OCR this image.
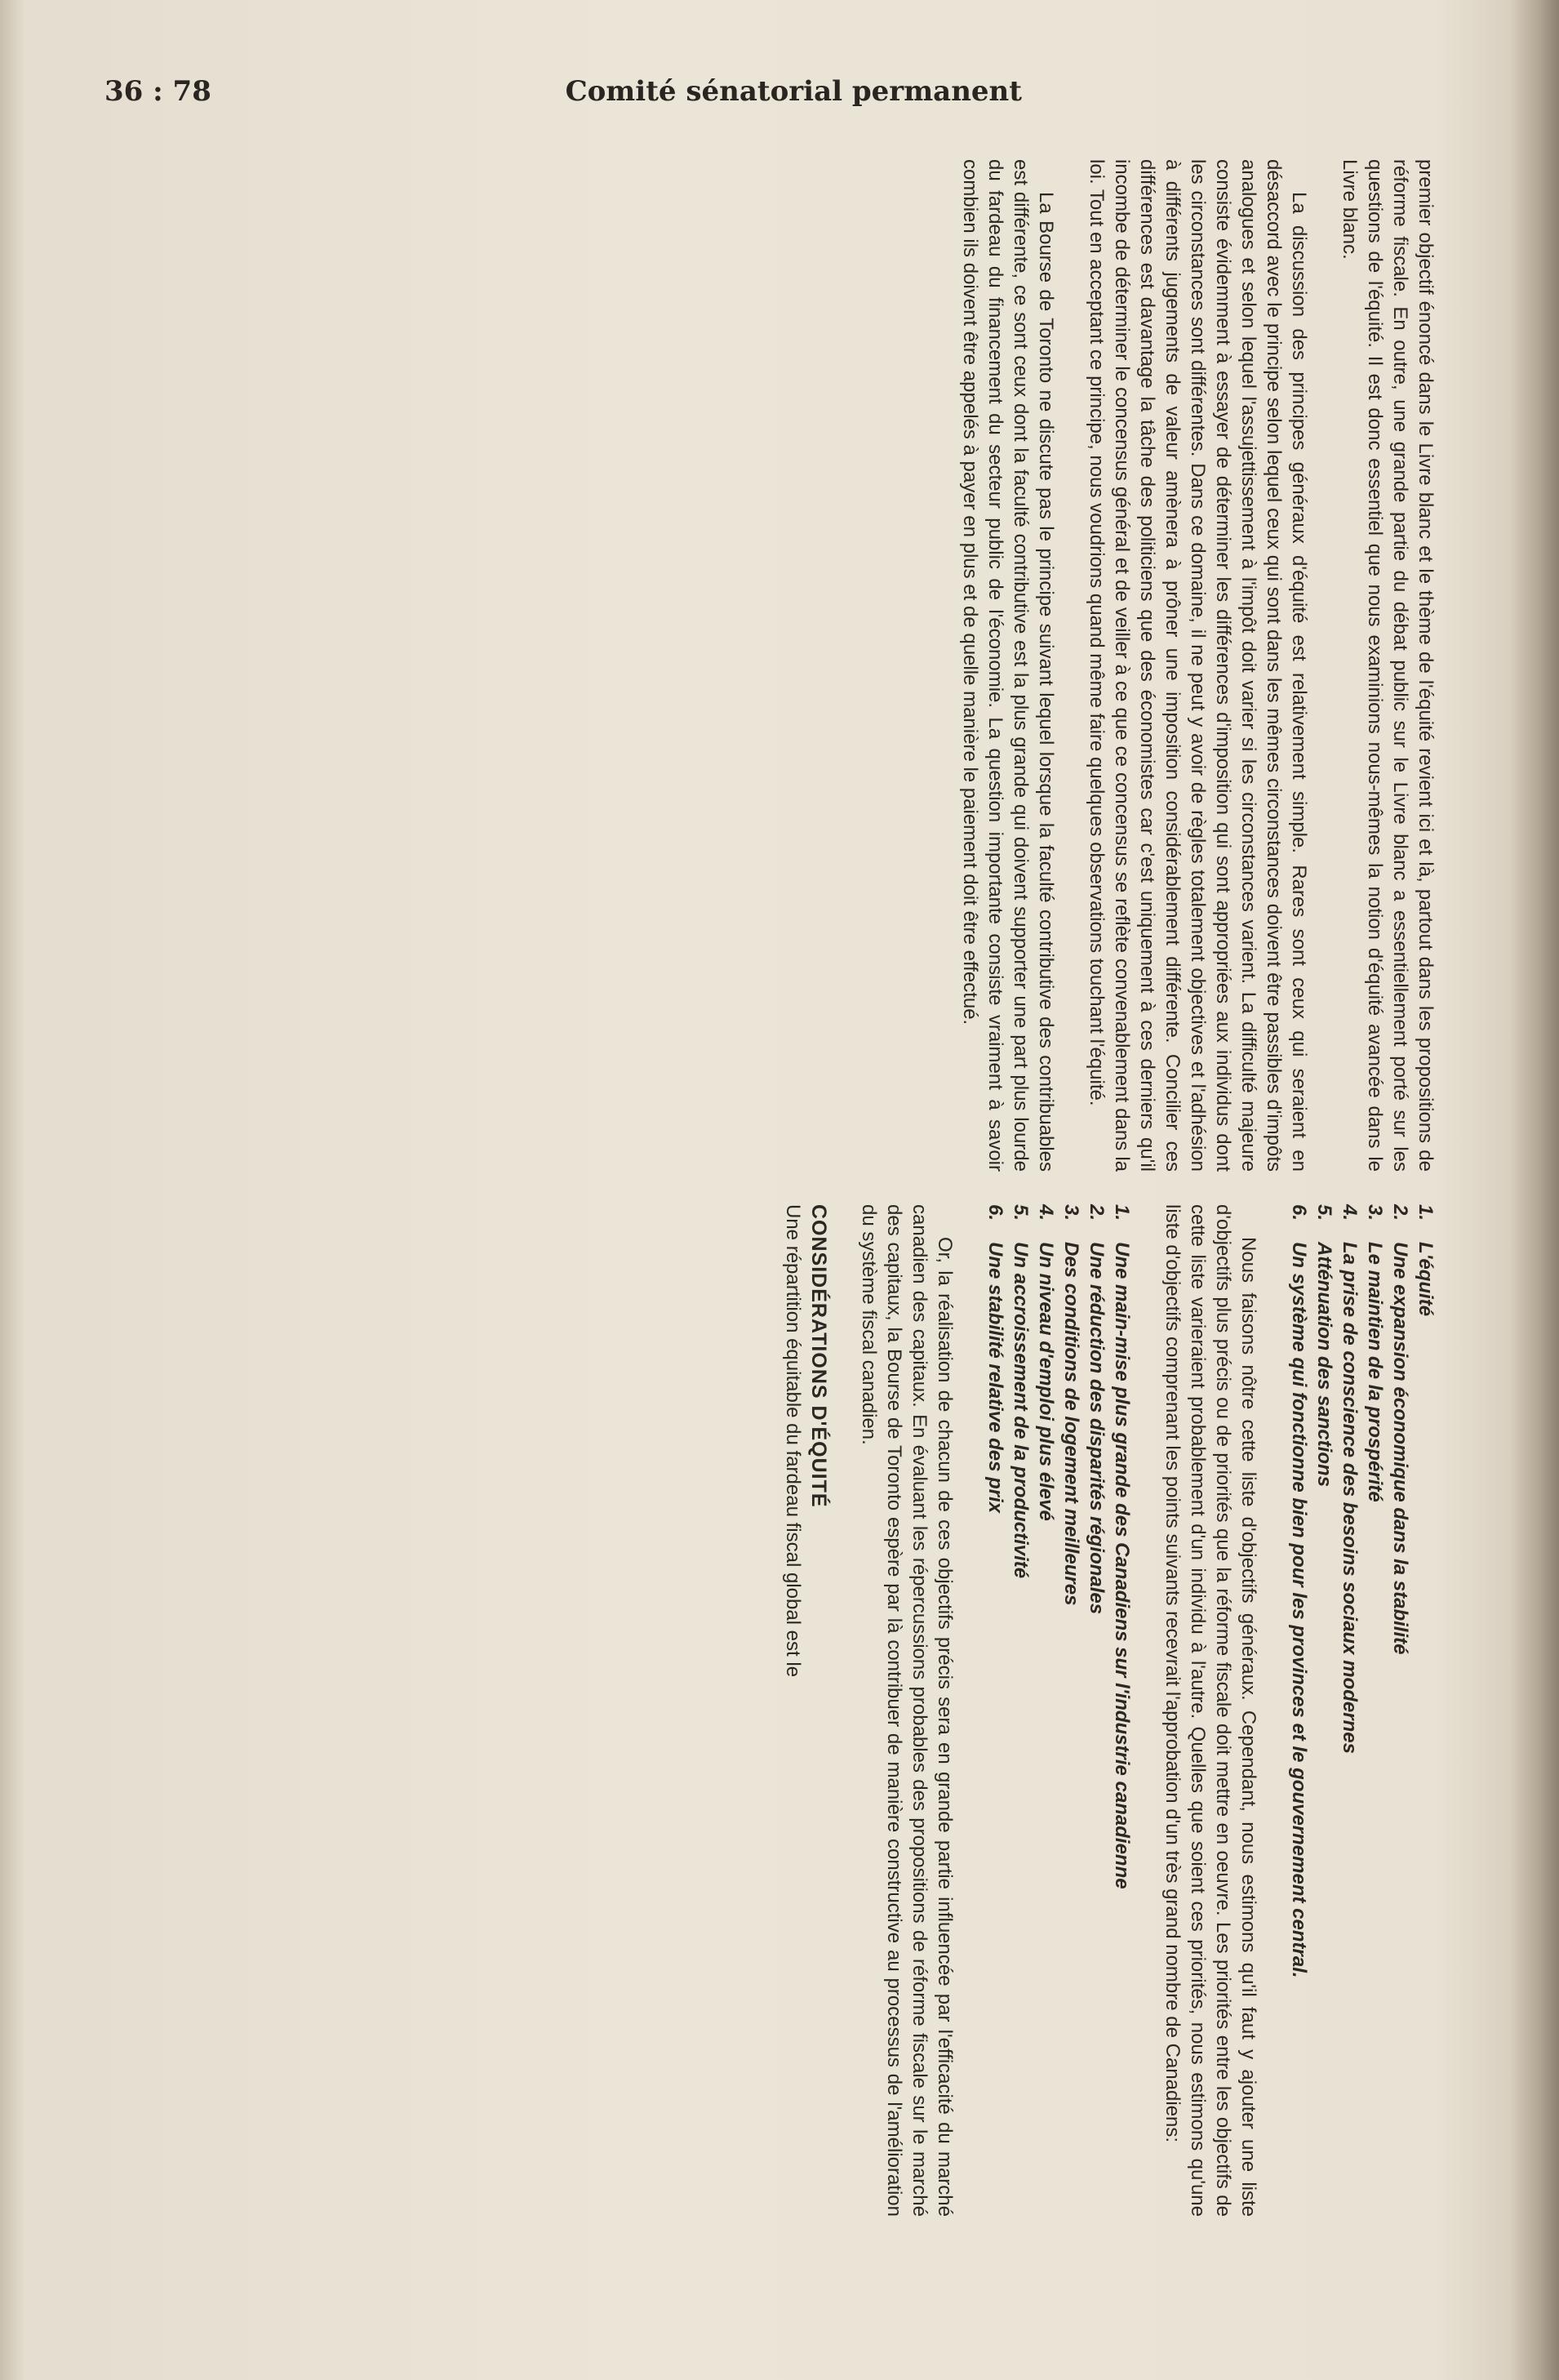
36 : 78	Comité sénatorial permanent
1.L'équité
2.Une expansion économique dans la stabilité
3.Le maintien de la prospérité
4.La prise de conscience des besoins sociaux modernes
5.Atténuation des sanctions
6.Un système qui fonctionne bien pour les provinces et le gouvernement central.

Nous faisons nôtre cette liste d'objectifs généraux. Cependant, nous estimons qu'il faut y ajouter une liste d'objectifs plus précis ou de priorités que la réforme fiscale doit mettre en oeuvre. Les priorités entre les objectifs de cette liste varieraient probablement d'un individu à l'autre. Quelles que soient ces priorités, nous estimons qu'une liste d'objectifs comprenant les points suivants recevrait l'approbation d'un très grand nombre de Canadiens:

1.Une main-mise plus grande des Canadiens sur l'industrie canadienne
2.Une réduction des disparités régionales
3.Des conditions de logement meilleures
4.Un niveau d'emploi plus élevé
5.Un accroissement de la productivité
6.Une stabilité relative des prix

Or, la réalisation de chacun de ces objectifs précis sera en grande partie influencée par l'efficacité du marché canadien des capitaux. En évaluant les répercussions probables des propositions de réforme fiscale sur le marché des capitaux, la Bourse de Toronto espère par là contribuer de manière constructive au processus de l'amélioration du système fiscal canadien.

CONSIDÉRATIONS D'ÉQUITÉ

Une répartition équitable du fardeau fiscal global est le

premier objectif énoncé dans le Livre blanc et le thème de l'équité revient ici et là, partout dans les propositions de réforme fiscale. En outre, une grande partie du débat public sur le Livre blanc a essentiellement porté sur les questions de l'équité. Il est donc essentiel que nous examinions nous-mêmes la notion d'équité avancée dans le Livre blanc.

La discussion des principes généraux d'équité est relativement simple. Rares sont ceux qui seraient en désaccord avec le principe selon lequel ceux qui sont dans les mêmes circonstances doivent être passibles d'impôts analogues et selon lequel l'assujettissement à l'impôt doit varier si les circonstances varient. La difficulté majeure consiste évidemment à essayer de déterminer les différences d'imposition qui sont appropriées aux individus dont les circonstances sont différentes. Dans ce domaine, il ne peut y avoir de règles totalement objectives et l'adhésion à différents jugements de valeur amènera à prôner une imposition considérablement différente. Concilier ces différences est davantage la tâche des politiciens que des économistes car c'est uniquement à ces derniers qu'il incombe de déterminer le concensus général et de veiller à ce que ce concensus se reflète convenablement dans la loi. Tout en acceptant ce principe, nous voudrions quand même faire quelques observations touchant l'équité.

La Bourse de Toronto ne discute pas le principe suivant lequel lorsque la faculté contributive des contribuables est différente, ce sont ceux dont la faculté contributive est la plus grande qui doivent supporter une part plus lourde du fardeau du financement du secteur public de l'économie. La question importante consiste vraiment à savoir combien ils doivent être appelés à payer en plus et de quelle manière le paiement doit être effectué.
